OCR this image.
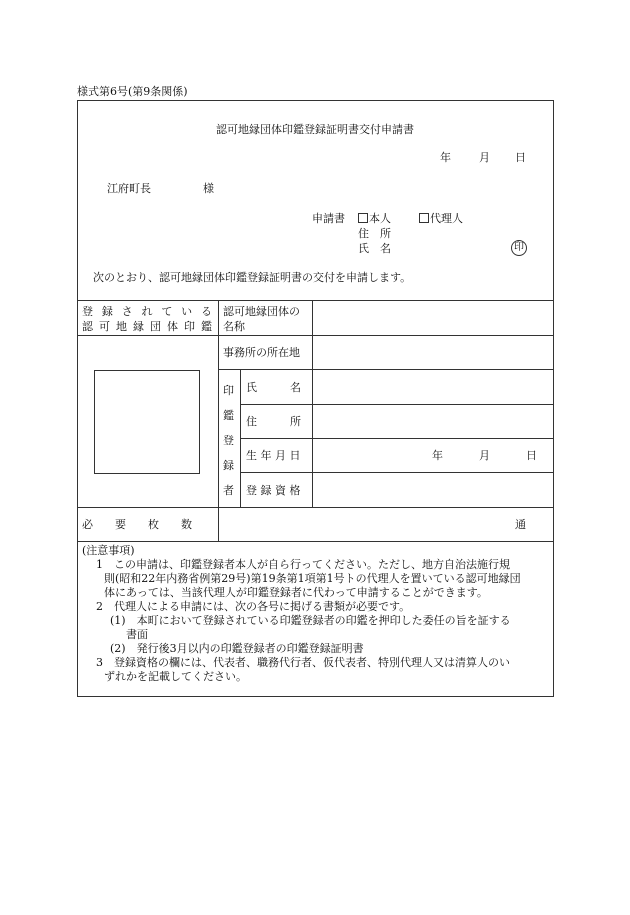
様式第6号(第9条関係)
認可地縁団体印鑑登録証明書交付申請書
年	月 日
江府町長	様
申請書	本人	代理人
住　所
氏　名	印
次のとおり、認可地縁団体印鑑登録証明書の交付を申請します。
登 録 さ れ て い る
認 可 地 縁 団 体 印 鑑
認可地縁団体の
名称
事務所の所在地
印
鑑
登
録
者
氏　　　名
住　　　所
生 年 月 日	年	月	日
登 録 資 格
必　　要　　枚　　数	通
(注意事項)
1　この申請は、印鑑登録者本人が自ら行ってください。ただし、地方自治法施行規
則(昭和22年内務省例第29号)第19条第1項第1号トの代理人を置いている認可地縁団
体にあっては、当該代理人が印鑑登録者に代わって申請することができます。
2　代理人による申請には、次の各号に掲げる書類が必要です。
(1)　本町において登録されている印鑑登録者の印鑑を押印した委任の旨を証する
書面
(2)　発行後3月以内の印鑑登録者の印鑑登録証明書
3　登録資格の欄には、代表者、職務代行者、仮代表者、特別代理人又は清算人のい
ずれかを記載してください。
